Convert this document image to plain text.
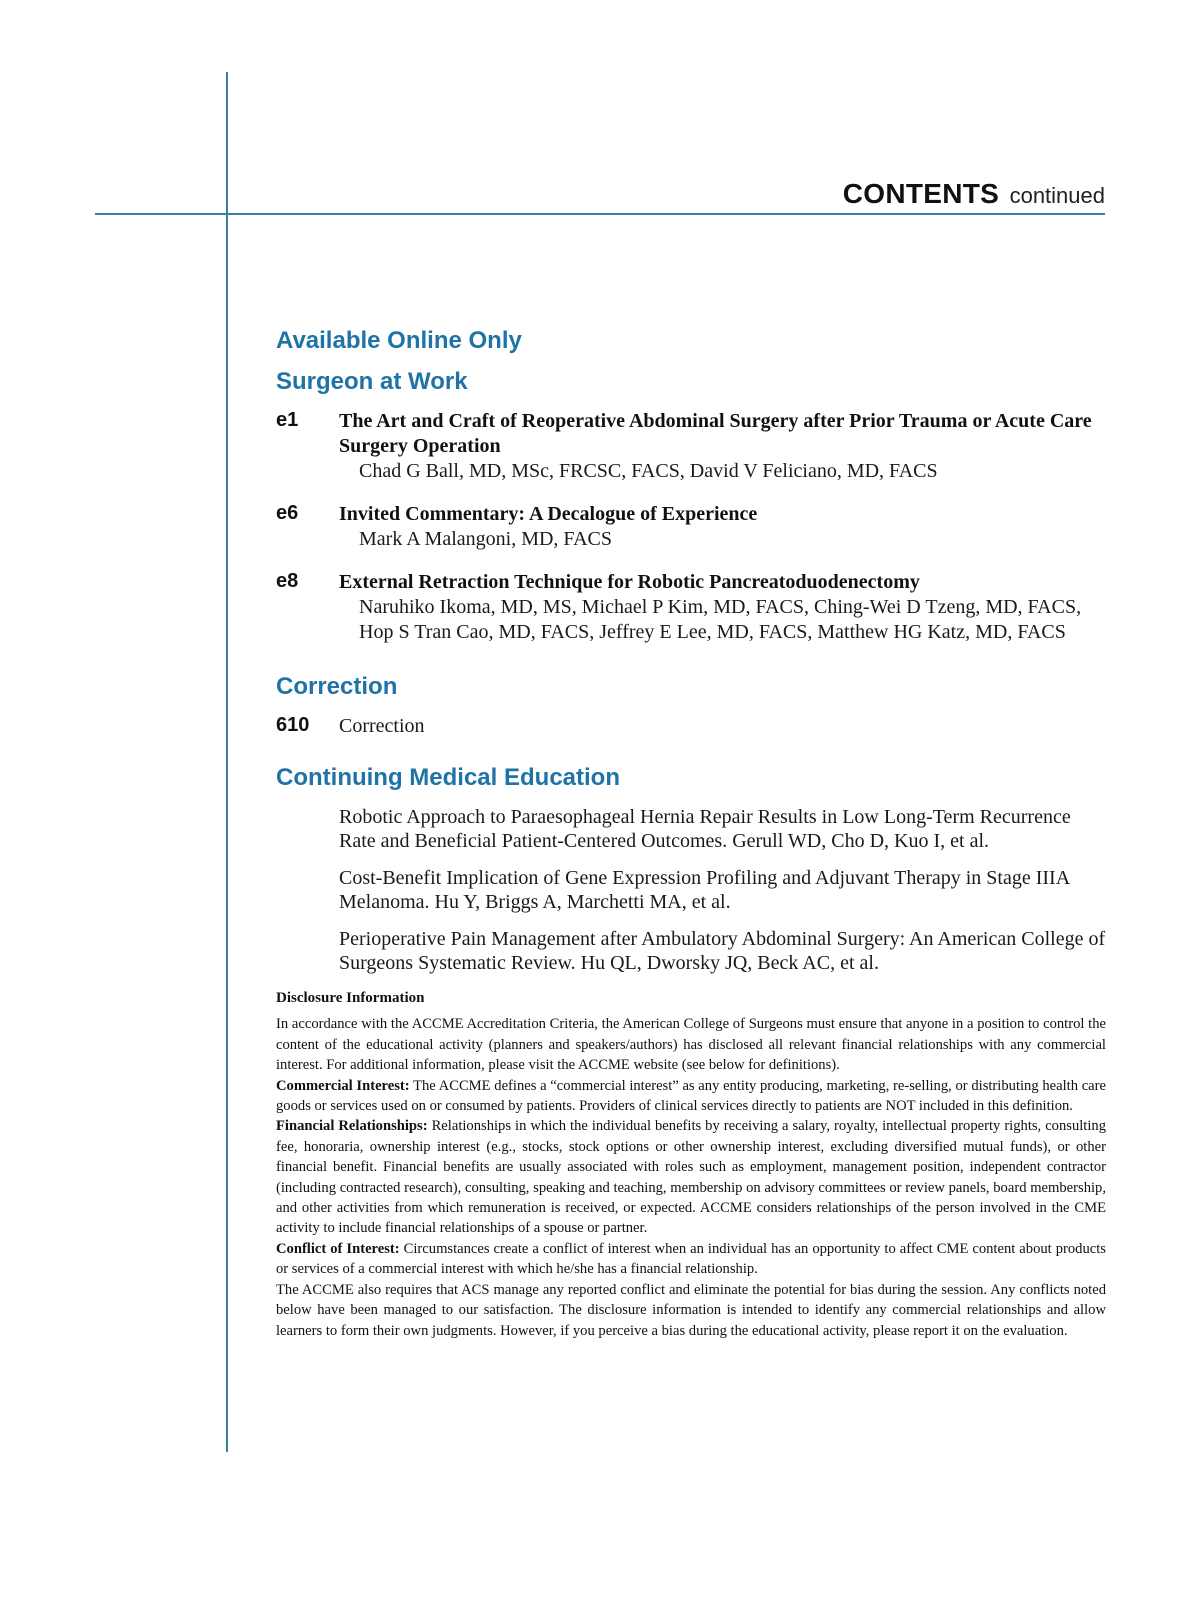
CONTENTS continued
Available Online Only
Surgeon at Work
e1 The Art and Craft of Reoperative Abdominal Surgery after Prior Trauma or Acute Care Surgery Operation
Chad G Ball, MD, MSc, FRCSC, FACS, David V Feliciano, MD, FACS
e6 Invited Commentary: A Decalogue of Experience
Mark A Malangoni, MD, FACS
e8 External Retraction Technique for Robotic Pancreatoduodenectomy
Naruhiko Ikoma, MD, MS, Michael P Kim, MD, FACS, Ching-Wei D Tzeng, MD, FACS, Hop S Tran Cao, MD, FACS, Jeffrey E Lee, MD, FACS, Matthew HG Katz, MD, FACS
Correction
610 Correction
Continuing Medical Education
Robotic Approach to Paraesophageal Hernia Repair Results in Low Long-Term Recurrence Rate and Beneficial Patient-Centered Outcomes. Gerull WD, Cho D, Kuo I, et al.
Cost-Benefit Implication of Gene Expression Profiling and Adjuvant Therapy in Stage IIIA Melanoma. Hu Y, Briggs A, Marchetti MA, et al.
Perioperative Pain Management after Ambulatory Abdominal Surgery: An American College of Surgeons Systematic Review. Hu QL, Dworsky JQ, Beck AC, et al.
Disclosure Information

In accordance with the ACCME Accreditation Criteria, the American College of Surgeons must ensure that anyone in a position to control the content of the educational activity (planners and speakers/authors) has disclosed all relevant financial relationships with any commercial interest. For additional information, please visit the ACCME website (see below for definitions).

Commercial Interest: The ACCME defines a “commercial interest” as any entity producing, marketing, re-selling, or distributing health care goods or services used on or consumed by patients. Providers of clinical services directly to patients are NOT included in this definition.

Financial Relationships: Relationships in which the individual benefits by receiving a salary, royalty, intellectual property rights, consulting fee, honoraria, ownership interest (e.g., stocks, stock options or other ownership interest, excluding diversified mutual funds), or other financial benefit. Financial benefits are usually associated with roles such as employment, management position, independent contractor (including contracted research), consulting, speaking and teaching, membership on advisory committees or review panels, board membership, and other activities from which remuneration is received, or expected. ACCME considers relationships of the person involved in the CME activity to include financial relationships of a spouse or partner.

Conflict of Interest: Circumstances create a conflict of interest when an individual has an opportunity to affect CME content about products or services of a commercial interest with which he/she has a financial relationship.

The ACCME also requires that ACS manage any reported conflict and eliminate the potential for bias during the session. Any conflicts noted below have been managed to our satisfaction. The disclosure information is intended to identify any commercial relationships and allow learners to form their own judgments. However, if you perceive a bias during the educational activity, please report it on the evaluation.
